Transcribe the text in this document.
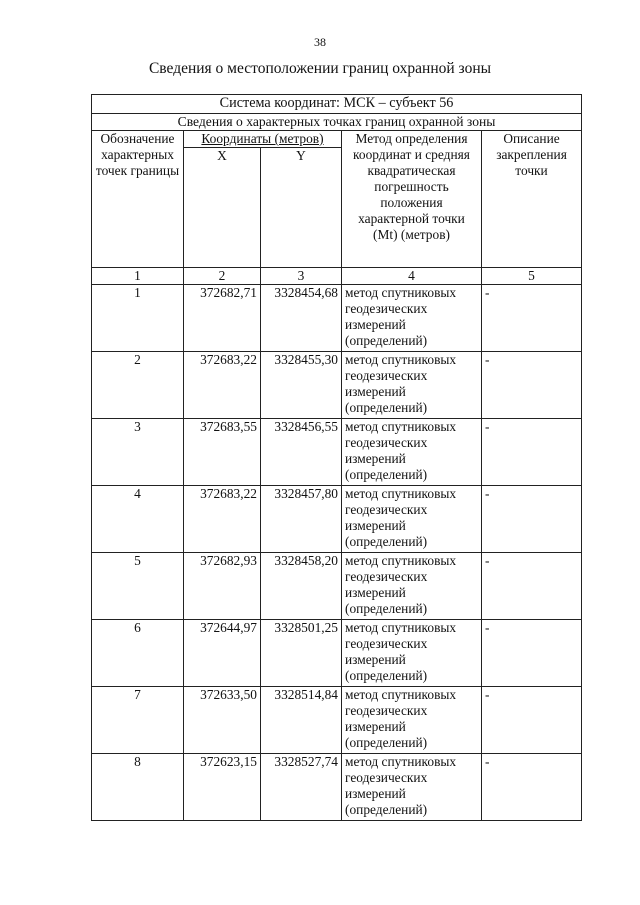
38
Сведения о местоположении границ охранной зоны
Система координат: МСК – субъект 56				
Сведения о характерных точках границ охранной зоны				
Обозначение характерных точек границы	Координаты (метров)		Метод определения координат и средняя квадратическая погрешность положения характерной точки (Mt) (метров)	Описание закрепления точки
	X	Y		
1	2	3	4	5
1	372682,71	3328454,68	метод спутниковых геодезических измерений (определений)	-
2	372683,22	3328455,30	метод спутниковых геодезических измерений (определений)	-
3	372683,55	3328456,55	метод спутниковых геодезических измерений (определений)	-
4	372683,22	3328457,80	метод спутниковых геодезических измерений (определений)	-
5	372682,93	3328458,20	метод спутниковых геодезических измерений (определений)	-
6	372644,97	3328501,25	метод спутниковых геодезических измерений (определений)	-
7	372633,50	3328514,84	метод спутниковых геодезических измерений (определений)	-
8	372623,15	3328527,74	метод спутниковых геодезических измерений (определений)	-
